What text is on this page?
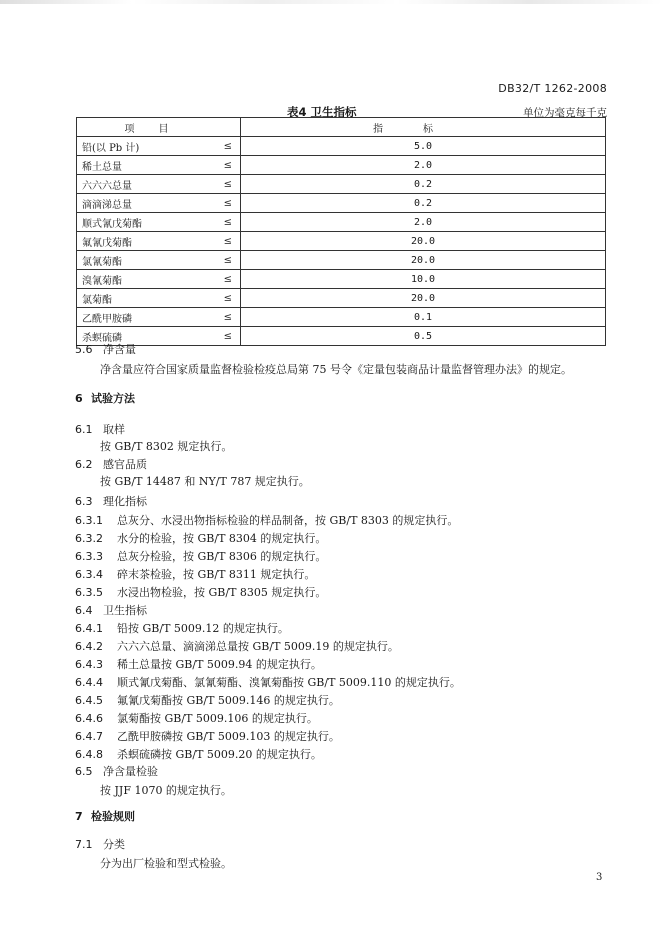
DB32/T 1262-2008
表4 卫生指标	单位为毫克每千克
项目		指标
铅(以 Pb 计)	≤	5.0
稀土总量	≤	2.0
六六六总量	≤	0.2
滴滴涕总量	≤	0.2
顺式氰戊菊酯	≤	2.0
氟氰戊菊酯	≤	20.0
氯氰菊酯	≤	20.0
溴氰菊酯	≤	10.0
氯菊酯	≤	20.0
乙酰甲胺磷	≤	0.1
杀螟硫磷	≤	0.5
5.6 净含量
净含量应符合国家质量监督检验检疫总局第 75 号令《定量包装商品计量监督管理办法》的规定。
6 试验方法
6.1 取样
按 GB/T 8302 规定执行。
6.2 感官品质
按 GB/T 14487 和 NY/T 787 规定执行。
6.3 理化指标
6.3.1 总灰分、水浸出物指标检验的样品制备，按 GB/T 8303 的规定执行。
6.3.2 水分的检验，按 GB/T 8304 的规定执行。
6.3.3 总灰分检验，按 GB/T 8306 的规定执行。
6.3.4 碎末茶检验，按 GB/T 8311 规定执行。
6.3.5 水浸出物检验，按 GB/T 8305 规定执行。
6.4 卫生指标
6.4.1 铅按 GB/T 5009.12 的规定执行。
6.4.2 六六六总量、滴滴涕总量按 GB/T 5009.19 的规定执行。
6.4.3 稀土总量按 GB/T 5009.94 的规定执行。
6.4.4 顺式氰戊菊酯、氯氰菊酯、溴氰菊酯按 GB/T 5009.110 的规定执行。
6.4.5 氟氰戊菊酯按 GB/T 5009.146 的规定执行。
6.4.6 氯菊酯按 GB/T 5009.106 的规定执行。
6.4.7 乙酰甲胺磷按 GB/T 5009.103 的规定执行。
6.4.8 杀螟硫磷按 GB/T 5009.20 的规定执行。
6.5 净含量检验
按 JJF 1070 的规定执行。
7 检验规则
7.1 分类
分为出厂检验和型式检验。
3
